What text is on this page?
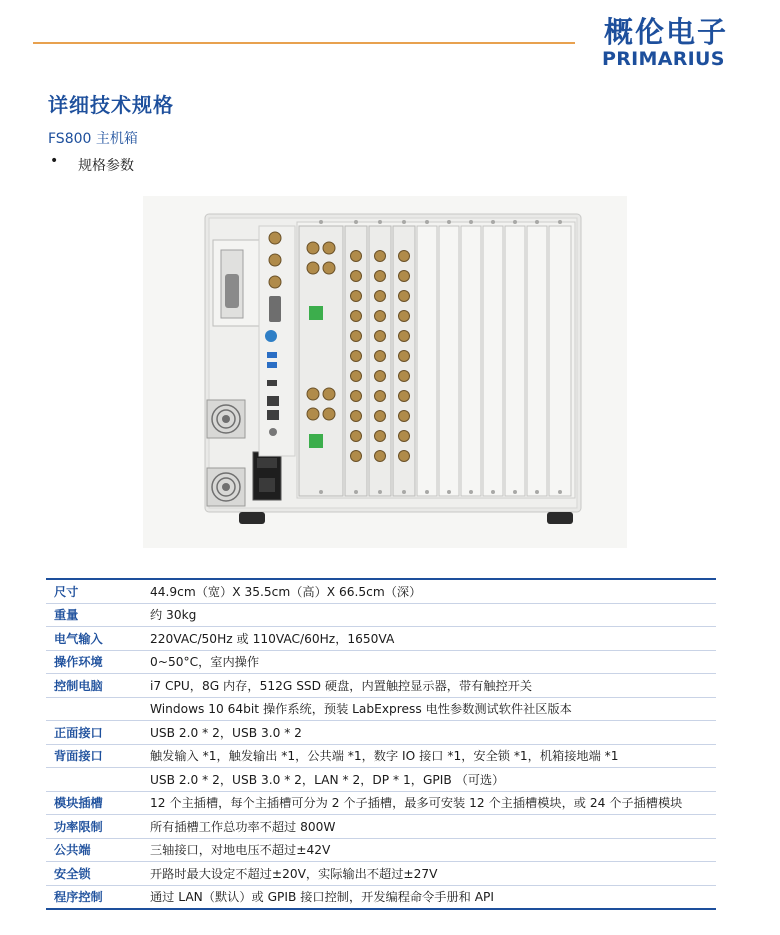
概伦电子
PRIMARIUS
详细技术规格
FS800 主机箱
• 规格参数
尺寸	44.9cm（宽）X 35.5cm（高）X 66.5cm（深）
重量	约 30kg
电气输入	220VAC/50Hz 或 110VAC/60Hz，1650VA
操作环境	0~50°C，室内操作
控制电脑	i7 CPU，8G 内存，512G SSD 硬盘，内置触控显示器，带有触控开关
	Windows 10 64bit 操作系统，预装 LabExpress 电性参数测试软件社区版本
正面接口	USB 2.0 * 2，USB 3.0 * 2
背面接口	触发输入 *1，触发输出 *1，公共端 *1，数字 IO 接口 *1，安全锁 *1，机箱接地端 *1
	USB 2.0 * 2，USB 3.0 * 2，LAN * 2，DP * 1，GPIB （可选）
模块插槽	12 个主插槽，每个主插槽可分为 2 个子插槽，最多可安装 12 个主插槽模块，或 24 个子插槽模块
功率限制	所有插槽工作总功率不超过 800W
公共端	三轴接口，对地电压不超过±42V
安全锁	开路时最大设定不超过±20V，实际输出不超过±27V
程序控制	通过 LAN（默认）或 GPIB 接口控制，开发编程命令手册和 API
